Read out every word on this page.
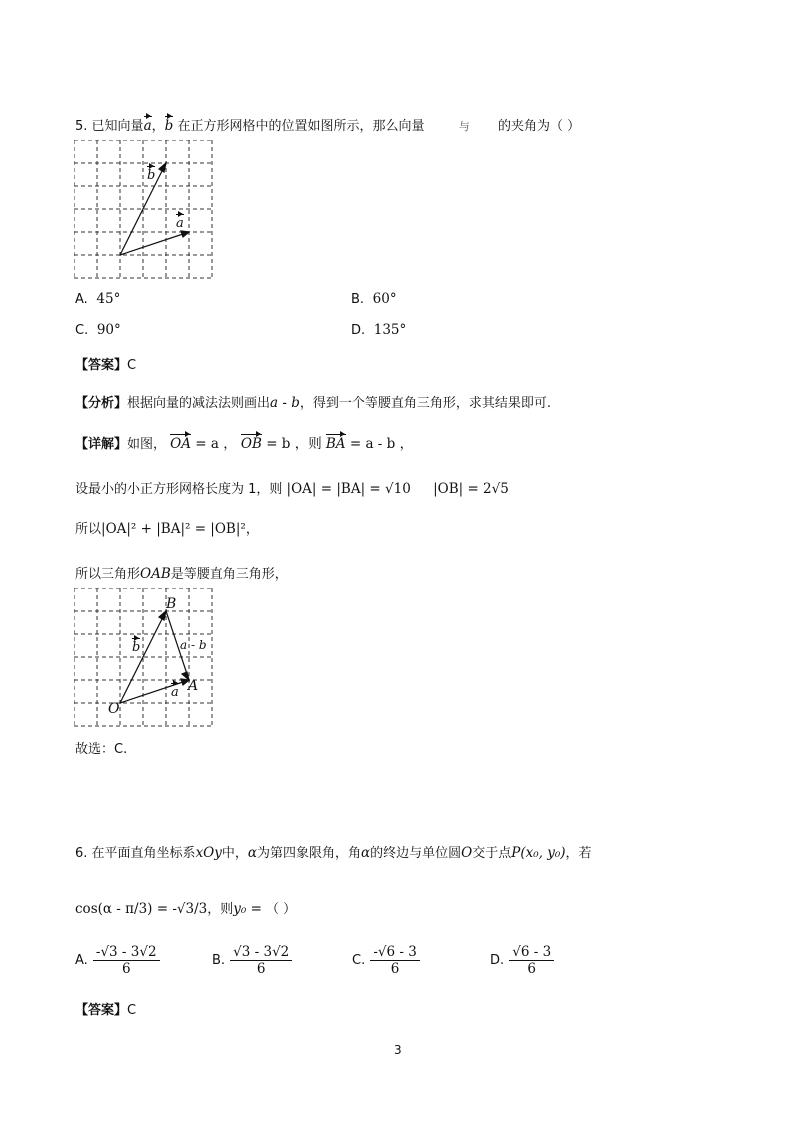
5. 已知向量a，b 在正方形网格中的位置如图所示，那么向量	与 的夹角为（ ）
b
a
A. 45°	B. 60°
C. 90°	D. 135°
【答案】C
【分析】根据向量的减法法则画出a - b，得到一个等腰直角三角形，求其结果即可.
【详解】如图， OA = a ， OB = b ，则 BA = a - b ，
设最小的小正方形网格长度为 1，则 |OA| = |BA| = √10 |OB| = 2√5
所以|OA|² + |BA|² = |OB|²，
所以三角形OAB是等腰直角三角形，
B
A
O
b
a
a - b
故选：C.
6. 在平面直角坐标系xOy中，α为第四象限角，角α的终边与单位圆O交于点P(x₀, y₀)，若
cos(α - π/3) = -√3/3，则y₀ = （ ）
A. $\frac{-√3 - 3√2}{6}$	B. $\frac{√3 - 3√2}{6}$	C. $\frac{-√6 - 3}{6}$	D. $\frac{√6 - 3}{6}$
【答案】C
3
